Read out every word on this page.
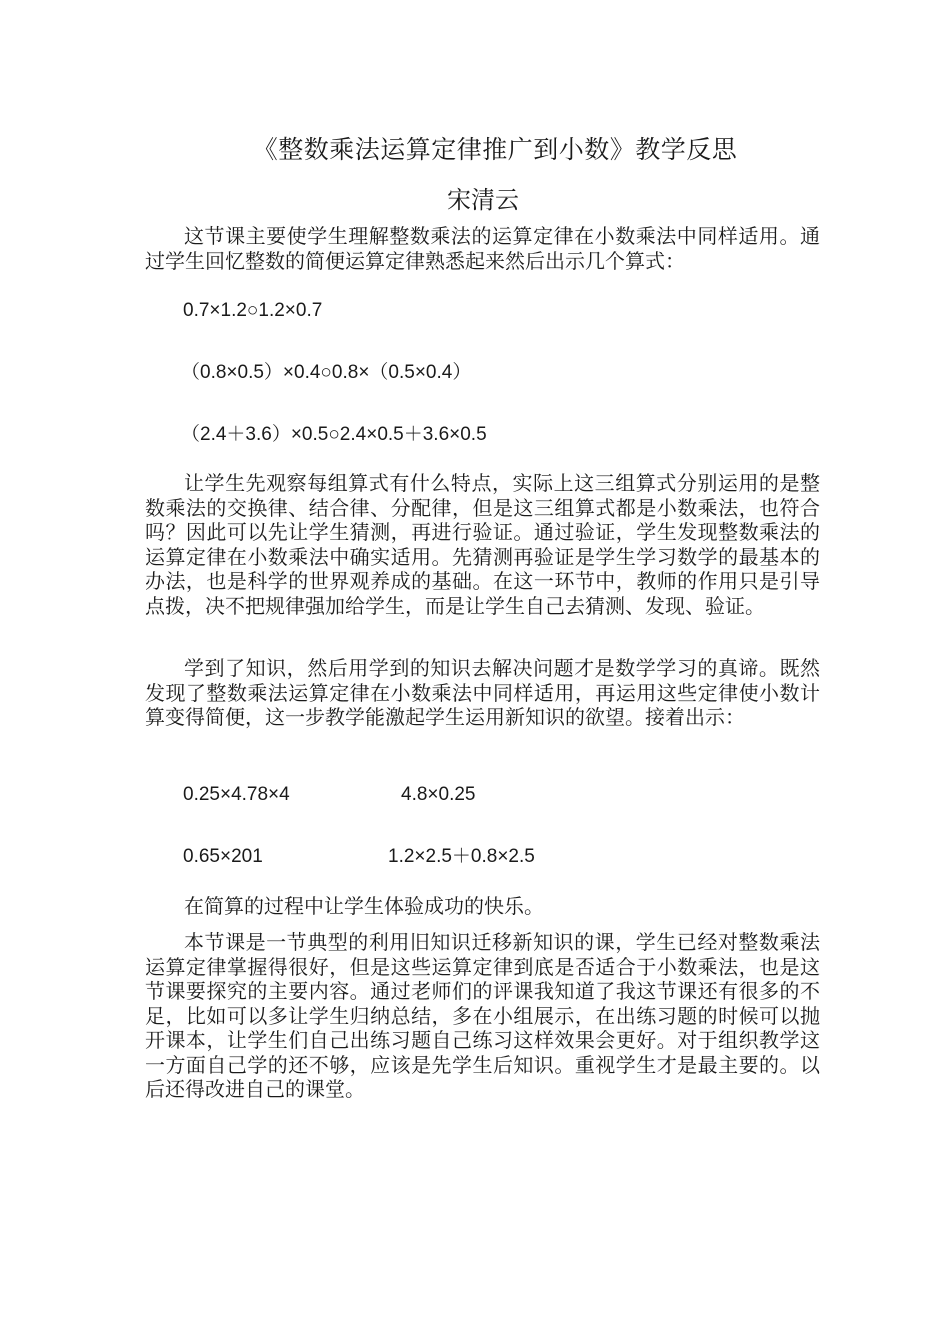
《整数乘法运算定律推广到小数》教学反思
宋清云

这节课主要使学生理解整数乘法的运算定律在小数乘法中同样适用。通过学生回忆整数的简便运算定律熟悉起来然后出示几个算式：

0.7×1.2○1.2×0.7
（0.8×0.5）×0.4○0.8×（0.5×0.4）
（2.4＋3.6）×0.5○2.4×0.5＋3.6×0.5

让学生先观察每组算式有什么特点，实际上这三组算式分别运用的是整数乘法的交换律、结合律、分配律，但是这三组算式都是小数乘法，也符合吗？因此可以先让学生猜测，再进行验证。通过验证，学生发现整数乘法的运算定律在小数乘法中确实适用。先猜测再验证是学生学习数学的最基本的办法，也是科学的世界观养成的基础。在这一环节中，教师的作用只是引导点拨，决不把规律强加给学生，而是让学生自己去猜测、发现、验证。

学到了知识，然后用学到的知识去解决问题才是数学学习的真谛。既然发现了整数乘法运算定律在小数乘法中同样适用，再运用这些定律使小数计算变得简便，这一步教学能激起学生运用新知识的欲望。接着出示：

0.25×4.78×4	4.8×0.25
0.65×201	1.2×2.5＋0.8×2.5

在简算的过程中让学生体验成功的快乐。

本节课是一节典型的利用旧知识迁移新知识的课，学生已经对整数乘法运算定律掌握得很好，但是这些运算定律到底是否适合于小数乘法，也是这节课要探究的主要内容。通过老师们的评课我知道了我这节课还有很多的不足，比如可以多让学生归纳总结，多在小组展示，在出练习题的时候可以抛开课本，让学生们自己出练习题自己练习这样效果会更好。对于组织教学这一方面自己学的还不够，应该是先学生后知识。重视学生才是最主要的。以后还得改进自己的课堂。
